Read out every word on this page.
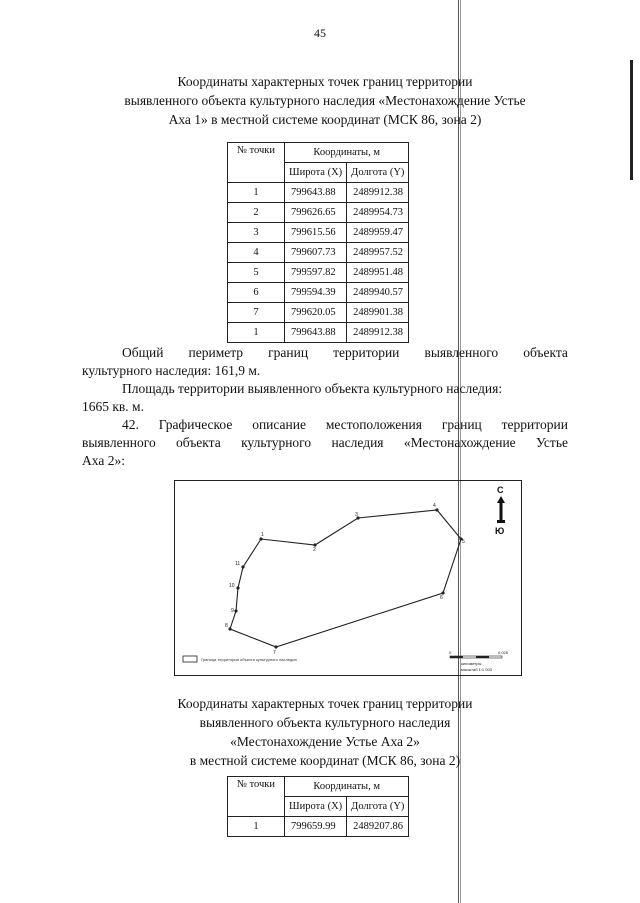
45
Координаты характерных точек границ территории
выявленного объекта культурного наследия «Местонахождение Устье
Аха 1» в местной системе координат (МСК 86, зона 2)
№ точки	Координаты, м	
	Широта (X)	Долгота (Y)
1	799643.88	2489912.38
2	799626.65	2489954.73
3	799615.56	2489959.47
4	799607.73	2489957.52
5	799597.82	2489951.48
6	799594.39	2489940.57
7	799620.05	2489901.38
1	799643.88	2489912.38
Общий периметр границ территории выявленного объекта
культурного наследия: 161,9 м.
Площадь территории выявленного объекта культурного наследия:
1665 кв. м.
42. Графическое описание местоположения границ территории
выявленного объекта культурного наследия «Местонахождение Устье
Аха 2»:
1
2
3
4
5
6
7
8
9
10
11
С
Ю
Граница территории объекта культурного наследия
0	0,025
километры
масштаб 1:1 000
Координаты характерных точек границ территории
выявленного объекта культурного наследия
«Местонахождение Устье Аха 2»
в местной системе координат (МСК 86, зона 2)
№ точки	Координаты, м	
	Широта (X)	Долгота (Y)
1	799659.99	2489207.86
